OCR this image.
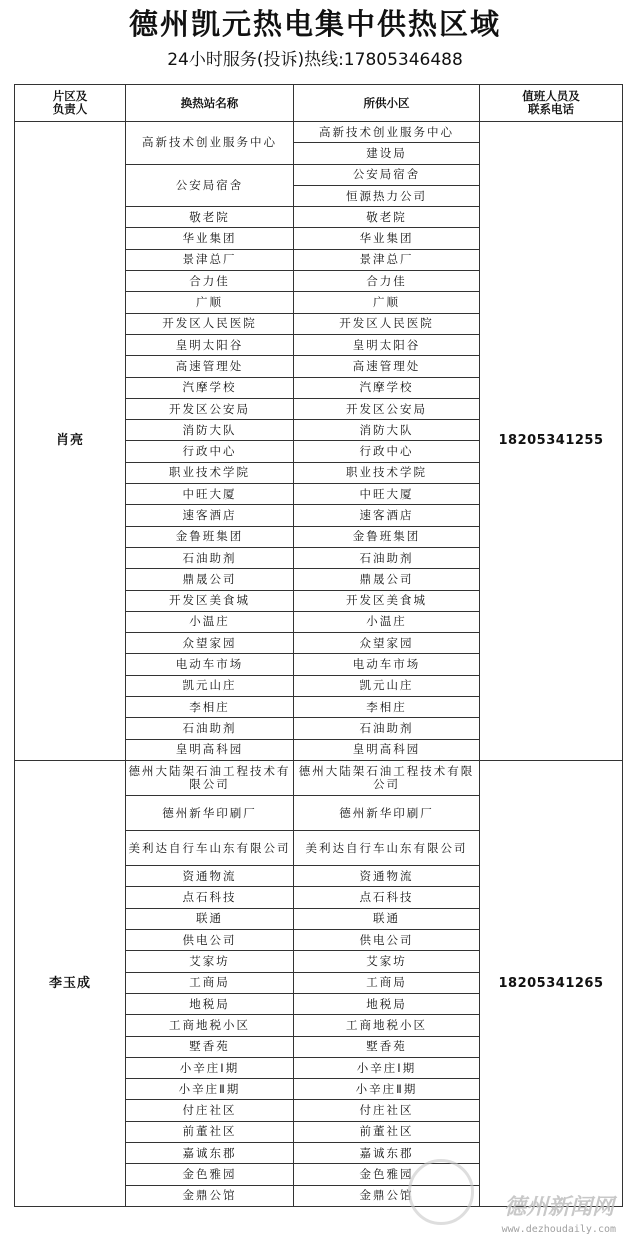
德州凯元热电集中供热区域
24小时服务(投诉)热线:17805346488
片区及
负责人	换热站名称	所供小区	值班人员及
联系电话
肖亮	高新技术创业服务中心	高新技术创业服务中心	18205341255
		建设局	
	公安局宿舍	公安局宿舍	
		恒源热力公司	
	敬老院	敬老院	
	华业集团	华业集团	
	景津总厂	景津总厂	
	合力佳	合力佳	
	广顺	广顺	
	开发区人民医院	开发区人民医院	
	皇明太阳谷	皇明太阳谷	
	高速管理处	高速管理处	
	汽摩学校	汽摩学校	
	开发区公安局	开发区公安局	
	消防大队	消防大队	
	行政中心	行政中心	
	职业技术学院	职业技术学院	
	中旺大厦	中旺大厦	
	速客酒店	速客酒店	
	金鲁班集团	金鲁班集团	
	石油助剂	石油助剂	
	鼎晟公司	鼎晟公司	
	开发区美食城	开发区美食城	
	小温庄	小温庄	
	众望家园	众望家园	
	电动车市场	电动车市场	
	凯元山庄	凯元山庄	
	李相庄	李相庄	
	石油助剂	石油助剂	
	皇明高科园	皇明高科园	
李玉成	德州大陆架石油工程技术有限公司	德州大陆架石油工程技术有限公司	18205341265
	德州新华印刷厂	德州新华印刷厂	
	美利达自行车山东有限公司	美利达自行车山东有限公司	
	资通物流	资通物流	
	点石科技	点石科技	
	联通	联通	
	供电公司	供电公司	
	艾家坊	艾家坊	
	工商局	工商局	
	地税局	地税局	
	工商地税小区	工商地税小区	
	墅香苑	墅香苑	
	小辛庄Ⅰ期	小辛庄Ⅰ期	
	小辛庄Ⅱ期	小辛庄Ⅱ期	
	付庄社区	付庄社区	
	前董社区	前董社区	
	嘉诚东郡	嘉诚东郡	
	金色雅园	金色雅园	
	金鼎公馆	金鼎公馆		德州新闻网
www.dezhoudaily.com
